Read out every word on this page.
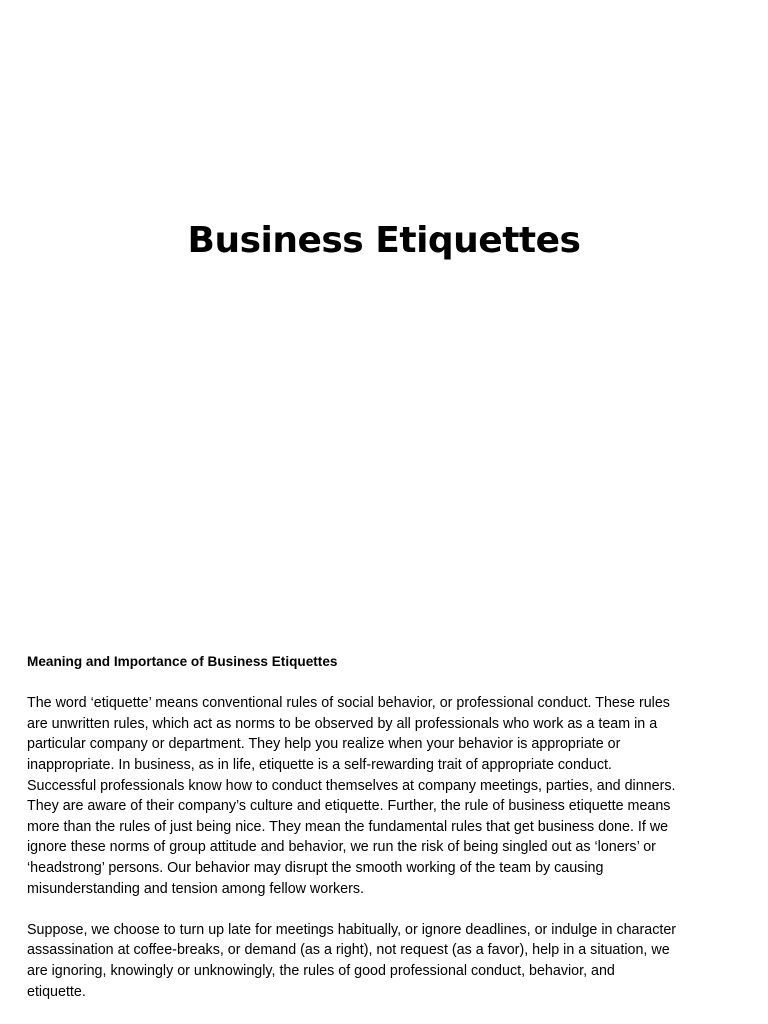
Business Etiquettes

Meaning and Importance of Business Etiquettes

The word ‘etiquette’ means conventional rules of social behavior, or professional conduct. These rules
are unwritten rules, which act as norms to be observed by all professionals who work as a team in a
particular company or department. They help you realize when your behavior is appropriate or
inappropriate. In business, as in life, etiquette is a self-rewarding trait of appropriate conduct.
Successful professionals know how to conduct themselves at company meetings, parties, and dinners.
They are aware of their company’s culture and etiquette. Further, the rule of business etiquette means
more than the rules of just being nice. They mean the fundamental rules that get business done. If we
ignore these norms of group attitude and behavior, we run the risk of being singled out as ‘loners’ or
‘headstrong’ persons. Our behavior may disrupt the smooth working of the team by causing
misunderstanding and tension among fellow workers.

Suppose, we choose to turn up late for meetings habitually, or ignore deadlines, or indulge in character
assassination at coffee-breaks, or demand (as a right), not request (as a favor), help in a situation, we
are ignoring, knowingly or unknowingly, the rules of good professional conduct, behavior, and
etiquette.
